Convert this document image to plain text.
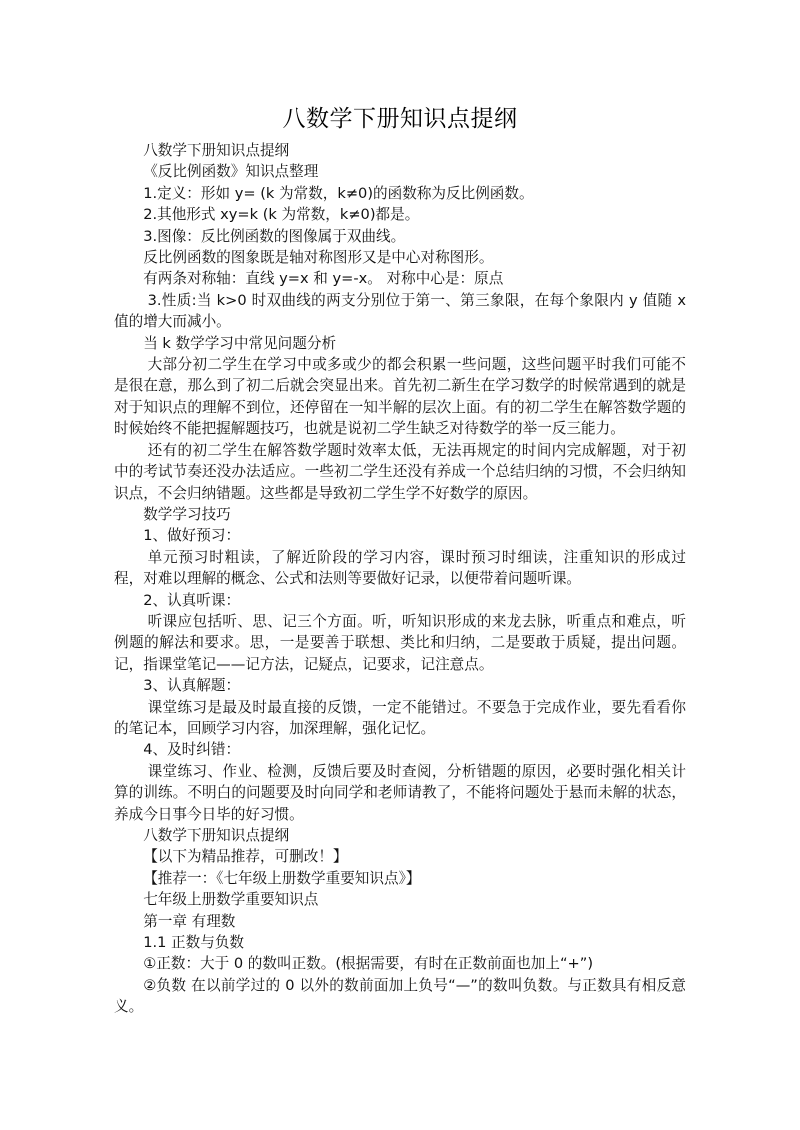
八数学下册知识点提纲
八数学下册知识点提纲
《反比例函数》知识点整理
1.定义：形如 y= (k 为常数，k≠0)的函数称为反比例函数。
2.其他形式 xy=k (k 为常数，k≠0)都是。
3.图像：反比例函数的图像属于双曲线。
反比例函数的图象既是轴对称图形又是中心对称图形。
有两条对称轴：直线 y=x 和 y=-x。 对称中心是：原点
3.性质:当 k>0 时双曲线的两支分别位于第一、第三象限，在每个象限内 y 值随 x 值的增大而减小。
当 k 数学学习中常见问题分析
大部分初二学生在学习中或多或少的都会积累一些问题，这些问题平时我们可能不是很在意，那么到了初二后就会突显出来。首先初二新生在学习数学的时候常遇到的就是对于知识点的理解不到位，还停留在一知半解的层次上面。有的初二学生在解答数学题的时候始终不能把握解题技巧，也就是说初二学生缺乏对待数学的举一反三能力。
还有的初二学生在解答数学题时效率太低，无法再规定的时间内完成解题，对于初中的考试节奏还没办法适应。一些初二学生还没有养成一个总结归纳的习惯，不会归纳知识点，不会归纳错题。这些都是导致初二学生学不好数学的原因。
数学学习技巧
1、做好预习：
单元预习时粗读，了解近阶段的学习内容，课时预习时细读，注重知识的形成过程，对难以理解的概念、公式和法则等要做好记录，以便带着问题听课。
2、认真听课：
听课应包括听、思、记三个方面。听，听知识形成的来龙去脉，听重点和难点，听例题的解法和要求。思，一是要善于联想、类比和归纳，二是要敢于质疑，提出问题。记，指课堂笔记——记方法，记疑点，记要求，记注意点。
3、认真解题：
课堂练习是最及时最直接的反馈，一定不能错过。不要急于完成作业，要先看看你的笔记本，回顾学习内容，加深理解，强化记忆。
4、及时纠错：
课堂练习、作业、检测，反馈后要及时查阅，分析错题的原因，必要时强化相关计算的训练。不明白的问题要及时向同学和老师请教了，不能将问题处于悬而未解的状态，养成今日事今日毕的好习惯。
八数学下册知识点提纲
【以下为精品推荐，可删改！】
【推荐一：《七年级上册数学重要知识点》】
七年级上册数学重要知识点
第一章 有理数
1.1 正数与负数
①正数：大于 0 的数叫正数。(根据需要，有时在正数前面也加上“+”)
②负数 在以前学过的 0 以外的数前面加上负号“—”的数叫负数。与正数具有相反意义。
